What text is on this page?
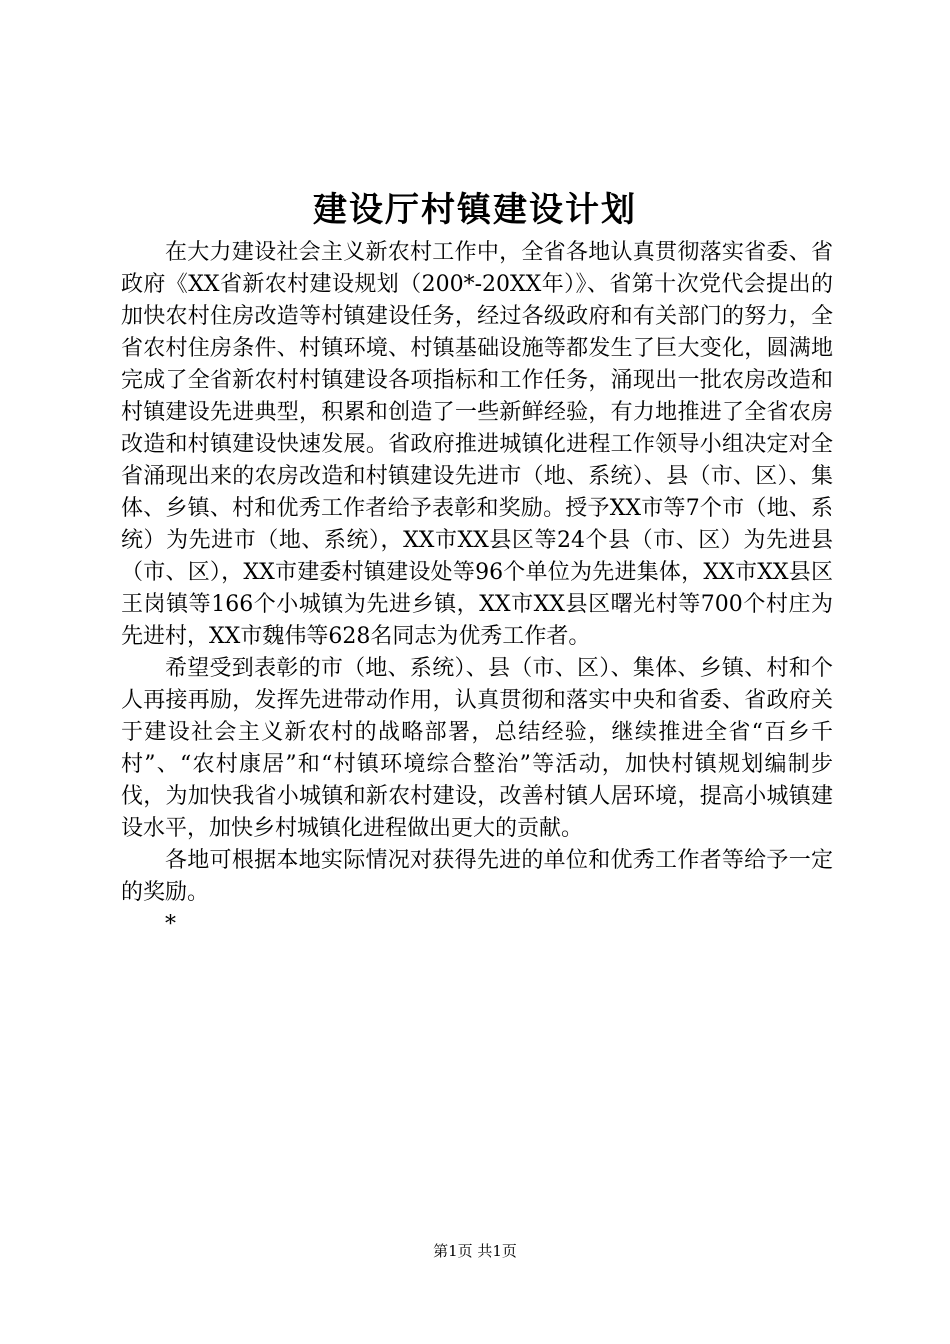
建设厅村镇建设计划

在大力建设社会主义新农村工作中，全省各地认真贯彻落实省委、省政府《XX省新农村建设规划（200*-20XX年）》、省第十次党代会提出的加快农村住房改造等村镇建设任务，经过各级政府和有关部门的努力，全省农村住房条件、村镇环境、村镇基础设施等都发生了巨大变化，圆满地完成了全省新农村村镇建设各项指标和工作任务，涌现出一批农房改造和村镇建设先进典型，积累和创造了一些新鲜经验，有力地推进了全省农房改造和村镇建设快速发展。省政府推进城镇化进程工作领导小组决定对全省涌现出来的农房改造和村镇建设先进市（地、系统）、县（市、区）、集体、乡镇、村和优秀工作者给予表彰和奖励。授予XX市等7个市（地、系统）为先进市（地、系统），XX市XX县区等24个县（市、区）为先进县（市、区），XX市建委村镇建设处等96个单位为先进集体，XX市XX县区王岗镇等166个小城镇为先进乡镇，XX市XX县区曙光村等700个村庄为先进村，XX市魏伟等628名同志为优秀工作者。

希望受到表彰的市（地、系统）、县（市、区）、集体、乡镇、村和个人再接再励，发挥先进带动作用，认真贯彻和落实中央和省委、省政府关于建设社会主义新农村的战略部署，总结经验，继续推进全省“百乡千村”、“农村康居”和“村镇环境综合整治”等活动，加快村镇规划编制步伐，为加快我省小城镇和新农村建设，改善村镇人居环境，提高小城镇建设水平，加快乡村城镇化进程做出更大的贡献。

各地可根据本地实际情况对获得先进的单位和优秀工作者等给予一定的奖励。

*

第1页 共1页
